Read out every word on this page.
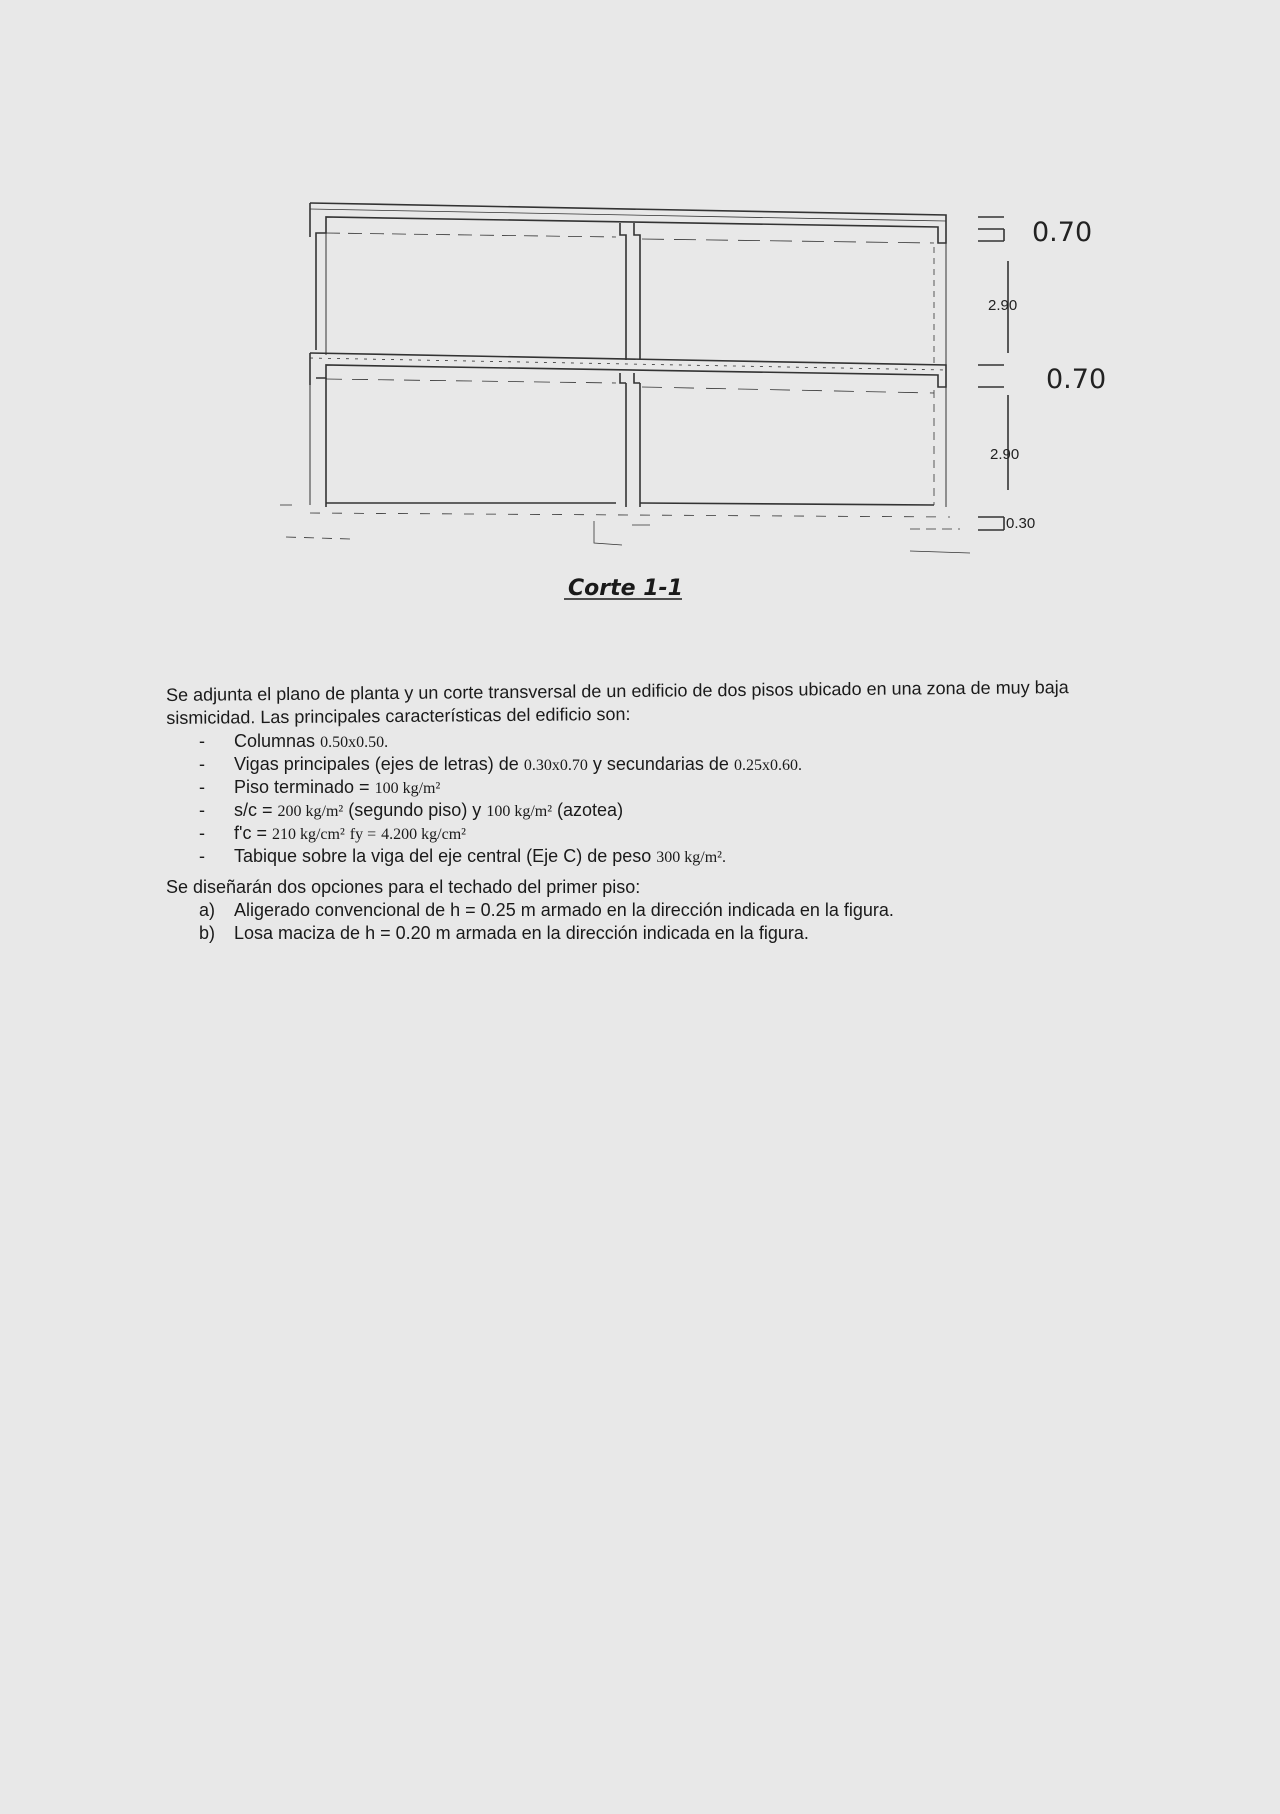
2.90
2.90
0.30
0.70
0.70
Corte 1-1

Se adjunta el plano de planta y un corte transversal de un edificio de dos pisos ubicado en una zona de muy baja sismicidad. Las principales características del edificio son:

- Columnas 0.50x0.50.
- Vigas principales (ejes de letras) de 0.30x0.70 y secundarias de 0.25x0.60.
- Piso terminado = 100 kg/m²
- s/c = 200 kg/m² (segundo piso) y 100 kg/m² (azotea)
- f'c = 210 kg/cm² fy = 4.200 kg/cm²
- Tabique sobre la viga del eje central (Eje C) de peso 300 kg/m².

Se diseñarán dos opciones para el techado del primer piso:

a) Aligerado convencional de h = 0.25 m armado en la dirección indicada en la figura.
b) Losa maciza de h = 0.20 m armada en la dirección indicada en la figura.
